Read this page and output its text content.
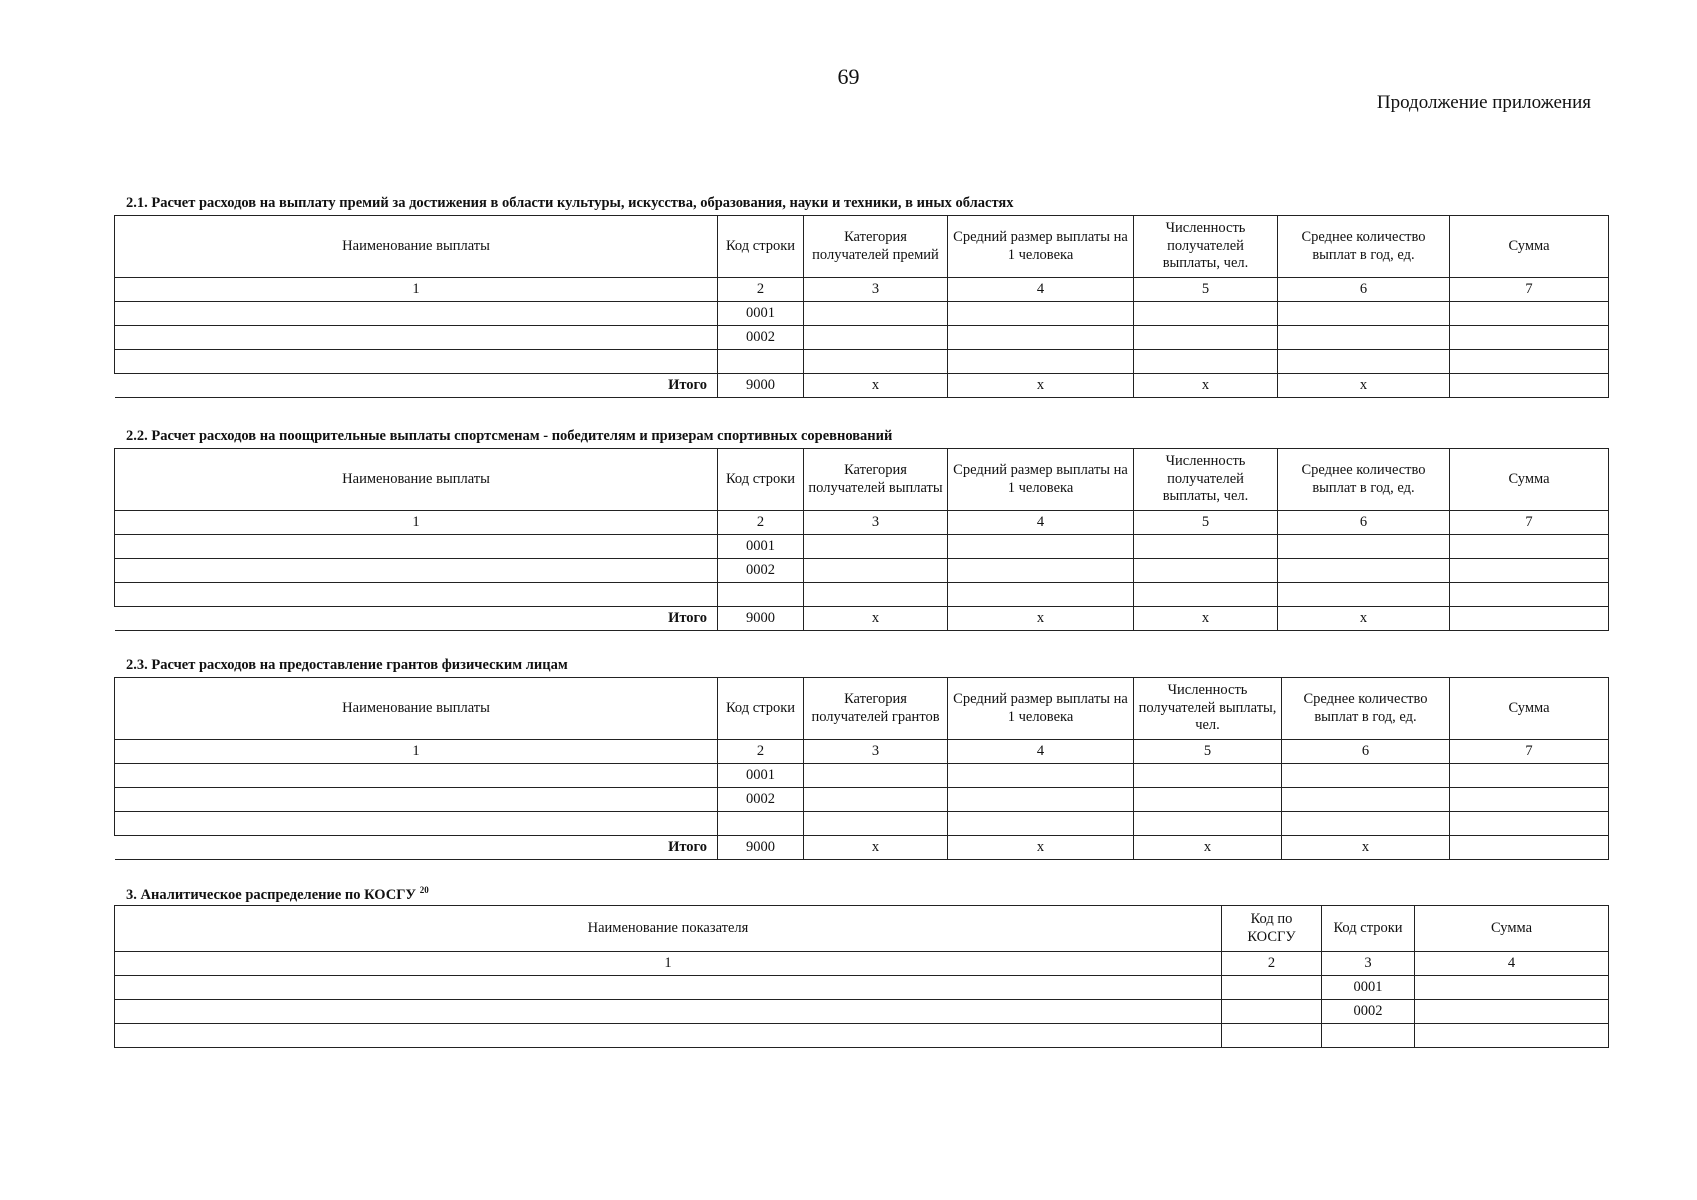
69
Продолжение приложения
2.1. Расчет расходов на выплату премий за достижения в области культуры, искусства, образования, науки и техники, в иных областях
Наименование выплаты	Код строки	Категория получателей премий	Средний размер выплаты на 1 человека	Численность получателей выплаты, чел.	Среднее количество выплат в год, ед.	Сумма
1	2	3	4	5	6	7
	0001					
	0002					

Итого	9000	x	x	x	x	
2.2. Расчет расходов на поощрительные выплаты спортсменам - победителям и призерам спортивных соревнований
Наименование выплаты	Код строки	Категория получателей выплаты	Средний размер выплаты на 1 человека	Численность получателей выплаты, чел.	Среднее количество выплат в год, ед.	Сумма
1	2	3	4	5	6	7
	0001					
	0002					

Итого	9000	x	x	x	x	
2.3. Расчет расходов на предоставление грантов физическим лицам
Наименование выплаты	Код строки	Категория получателей грантов	Средний размер выплаты на 1 человека	Численность получателей выплаты, чел.	Среднее количество выплат в год, ед.	Сумма
1	2	3	4	5	6	7
	0001					
	0002					

Итого	9000	x	x	x	x	
3. Аналитическое распределение по КОСГУ $^{20}$
Наименование показателя	Код по КОСГУ	Код строки	Сумма
1	2	3	4
		0001	
		0002	
